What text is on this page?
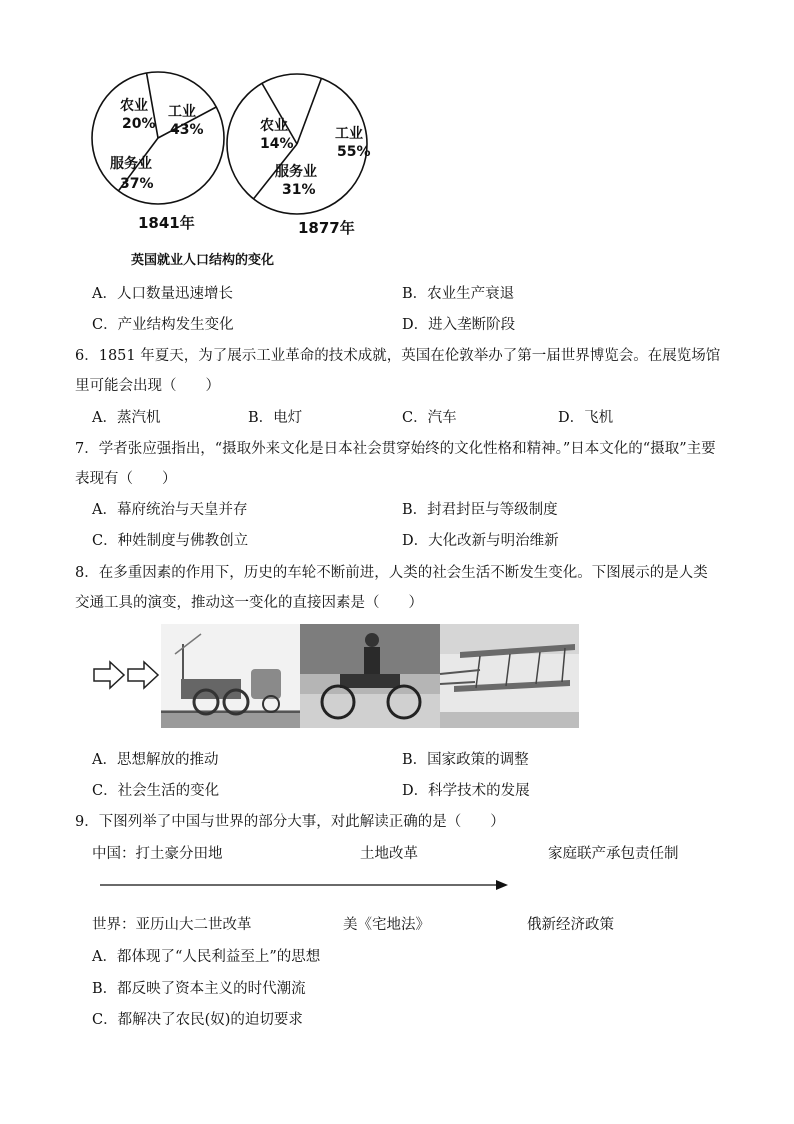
农业
20%
工业
43%
服务业
37%
1841年
农业
14%
工业
55%
服务业
31%
1877年
英国就业人口结构的变化
A．人口数量迅速增长	B．农业生产衰退
C．产业结构发生变化	D．进入垄断阶段
6．1851 年夏天，为了展示工业革命的技术成就，英国在伦敦举办了第一届世界博览会。在展览场馆
里可能会出现（　　）
A．蒸汽机	B．电灯	C．汽车	D．飞机
7．学者张应强指出，“摄取外来文化是日本社会贯穿始终的文化性格和精神。”日本文化的“摄取”主要
表现有（　　）
A．幕府统治与天皇并存	B．封君封臣与等级制度
C．种姓制度与佛教创立	D．大化改新与明治维新
8．在多重因素的作用下，历史的车轮不断前进，人类的社会生活不断发生变化。下图展示的是人类
交通工具的演变，推动这一变化的直接因素是（　　）
A．思想解放的推动	B．国家政策的调整
C．社会生活的变化	D．科学技术的发展
9．下图列举了中国与世界的部分大事，对此解读正确的是（　　）
中国：打土豪分田地	土地改革	家庭联产承包责任制
世界：亚历山大二世改革	美《宅地法》	俄新经济政策
A．都体现了“人民利益至上”的思想
B．都反映了资本主义的时代潮流
C．都解决了农民(奴)的迫切要求
